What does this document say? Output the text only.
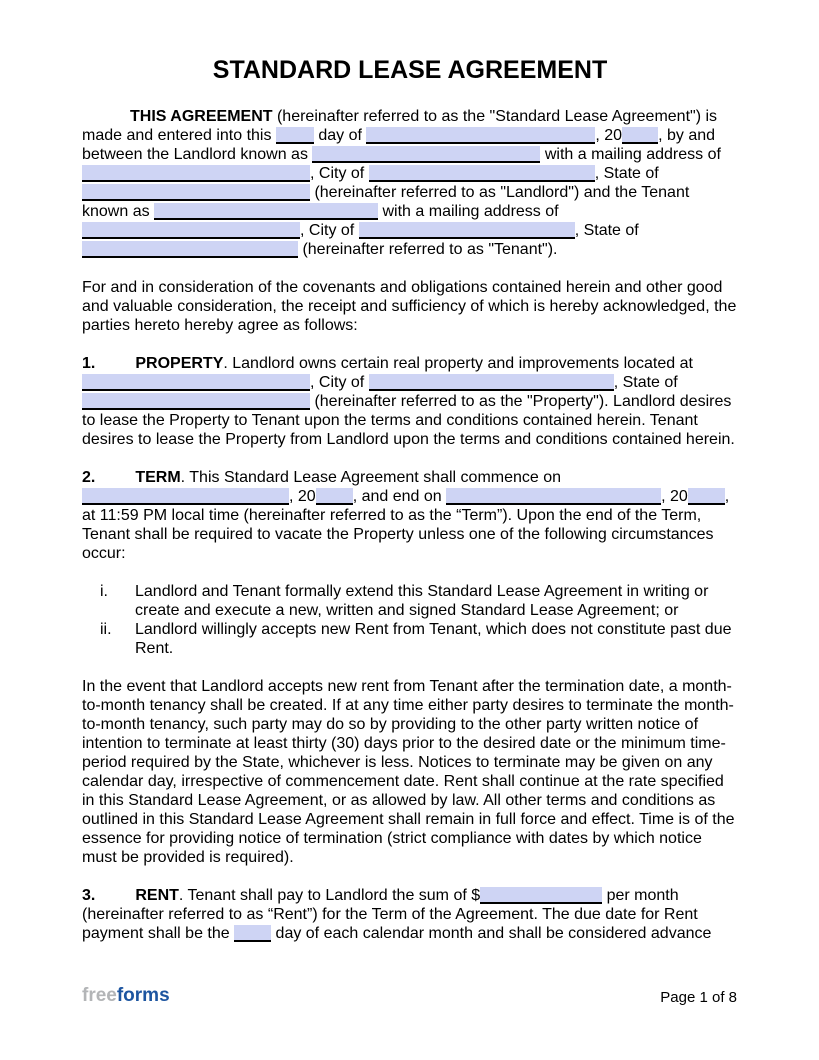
STANDARD LEASE AGREEMENT

THIS AGREEMENT (hereinafter referred to as the "Standard Lease Agreement") is made and entered into this  day of	, 20 , by and between the Landlord known as	with a mailing address of , City of	, State of  (hereinafter referred to as "Landlord") and the Tenant known as	with a mailing address of , City of	, State of  (hereinafter referred to as "Tenant").

For and in consideration of the covenants and obligations contained herein and other good and valuable consideration, the receipt and sufficiency of which is hereby acknowledged, the parties hereto hereby agree as follows:

1.	PROPERTY. Landlord owns certain real property and improvements located at , City of	, State of  (hereinafter referred to as the "Property"). Landlord desires to lease the Property to Tenant upon the terms and conditions contained herein. Tenant desires to lease the Property from Landlord upon the terms and conditions contained herein.

2.	TERM. This Standard Lease Agreement shall commence on , 20 , and end on	, 20 , at 11:59 PM local time (hereinafter referred to as the “Term”). Upon the end of the Term, Tenant shall be required to vacate the Property unless one of the following circumstances occur:

i.	Landlord and Tenant formally extend this Standard Lease Agreement in writing or create and execute a new, written and signed Standard Lease Agreement; or
ii.	Landlord willingly accepts new Rent from Tenant, which does not constitute past due Rent.

In the event that Landlord accepts new rent from Tenant after the termination date, a month-to-month tenancy shall be created. If at any time either party desires to terminate the month-to-month tenancy, such party may do so by providing to the other party written notice of intention to terminate at least thirty (30) days prior to the desired date or the minimum time-period required by the State, whichever is less. Notices to terminate may be given on any calendar day, irrespective of commencement date. Rent shall continue at the rate specified in this Standard Lease Agreement, or as allowed by law. All other terms and conditions as outlined in this Standard Lease Agreement shall remain in full force and effect. Time is of the essence for providing notice of termination (strict compliance with dates by which notice must be provided is required).

3.	RENT. Tenant shall pay to Landlord the sum of $	per month (hereinafter referred to as “Rent”) for the Term of the Agreement. The due date for Rent payment shall be the  day of each calendar month and shall be considered advance

freeforms	Page 1 of 8
